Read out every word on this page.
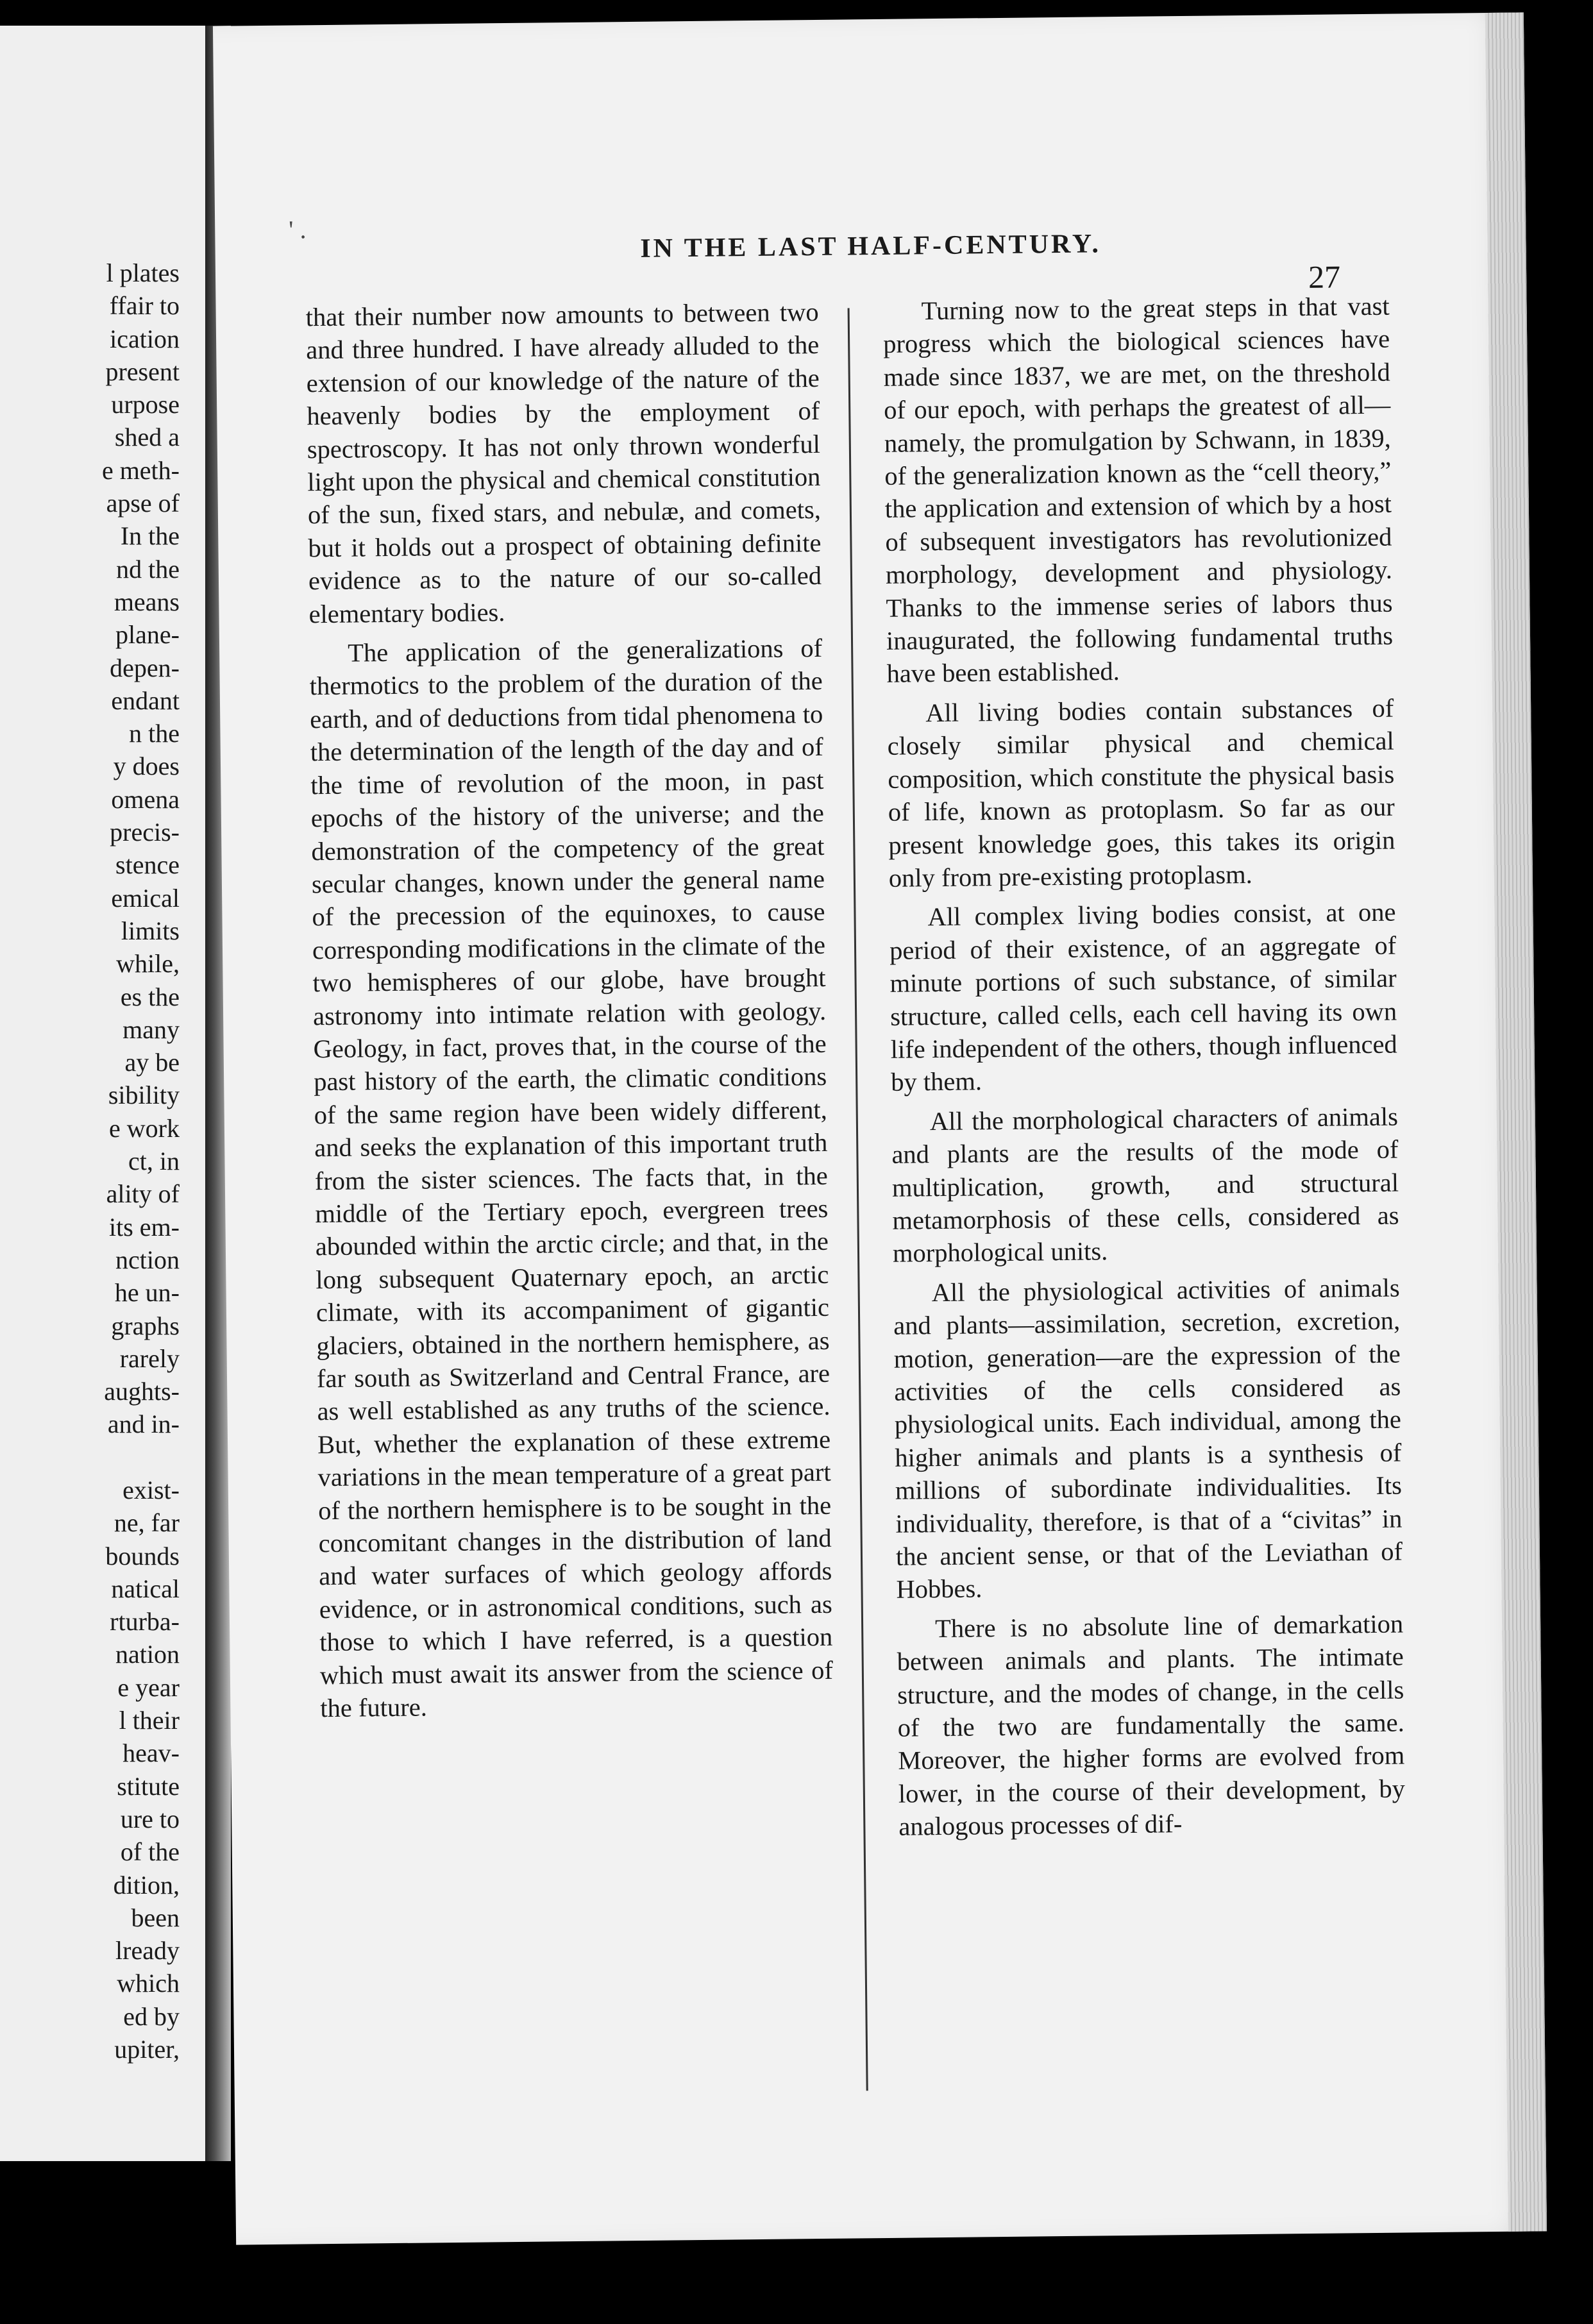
l plates
ffair to
ication
present
urpose
shed a
e meth-
apse of
In the
nd the
means
plane-
depen-
endant
n the
y does
omena
precis-
stence
emical
limits
while,
es the
many
ay be
sibility
e work
ct, in
ality of
its em-
nction
he un-
graphs
rarely
aughts-
and in-
exist-
ne, far
bounds
natical
rturba-
nation
e year
l their
heav-
stitute
ure to
of the
dition,
been
lready
which
ed by
upiter,
' .	IN THE LAST HALF-CENTURY.
27

that their number now amounts to between two and three hundred. I have already alluded to the extension of our knowledge of the nature of the heavenly bodies by the employment of spectroscopy. It has not only thrown wonderful light upon the physical and chemical constitution of the sun, fixed stars, and nebulæ, and comets, but it holds out a prospect of obtaining definite evidence as to the nature of our so-called elementary bodies.

The application of the generalizations of thermotics to the problem of the duration of the earth, and of deductions from tidal phenomena to the determination of the length of the day and of the time of revolution of the moon, in past epochs of the history of the universe; and the demonstration of the competency of the great secular changes, known under the general name of the precession of the equinoxes, to cause corresponding modifications in the climate of the two hemispheres of our globe, have brought astronomy into intimate relation with geology. Geology, in fact, proves that, in the course of the past history of the earth, the climatic conditions of the same region have been widely different, and seeks the explanation of this important truth from the sister sciences. The facts that, in the middle of the Tertiary epoch, evergreen trees abounded within the arctic circle; and that, in the long subsequent Quaternary epoch, an arctic climate, with its accompaniment of gigantic glaciers, obtained in the northern hemisphere, as far south as Switzerland and Central France, are as well established as any truths of the science. But, whether the explanation of these extreme variations in the mean temperature of a great part of the northern hemisphere is to be sought in the concomitant changes in the distribution of land and water surfaces of which geology affords evidence, or in astronomical conditions, such as those to which I have referred, is a question which must await its answer from the science of the future.

Turning now to the great steps in that vast progress which the biological sciences have made since 1837, we are met, on the threshold of our epoch, with perhaps the greatest of all—namely, the promulgation by Schwann, in 1839, of the generalization known as the “cell theory,” the application and extension of which by a host of subsequent investigators has revolutionized morphology, development and physiology. Thanks to the immense series of labors thus inaugurated, the following fundamental truths have been established.

All living bodies contain substances of closely similar physical and chemical composition, which constitute the physical basis of life, known as protoplasm. So far as our present knowledge goes, this takes its origin only from pre-existing protoplasm.

All complex living bodies consist, at one period of their existence, of an aggregate of minute portions of such substance, of similar structure, called cells, each cell having its own life independent of the others, though influenced by them.

All the morphological characters of animals and plants are the results of the mode of multiplication, growth, and structural metamorphosis of these cells, considered as morphological units.

All the physiological activities of animals and plants—assimilation, secretion, excretion, motion, generation—are the expression of the activities of the cells considered as physiological units. Each individual, among the higher animals and plants is a synthesis of millions of subordinate individualities. Its individuality, therefore, is that of a “civitas” in the ancient sense, or that of the Leviathan of Hobbes.

There is no absolute line of demarkation between animals and plants. The intimate structure, and the modes of change, in the cells of the two are fundamentally the same. Moreover, the higher forms are evolved from lower, in the course of their development, by analogous processes of dif-
